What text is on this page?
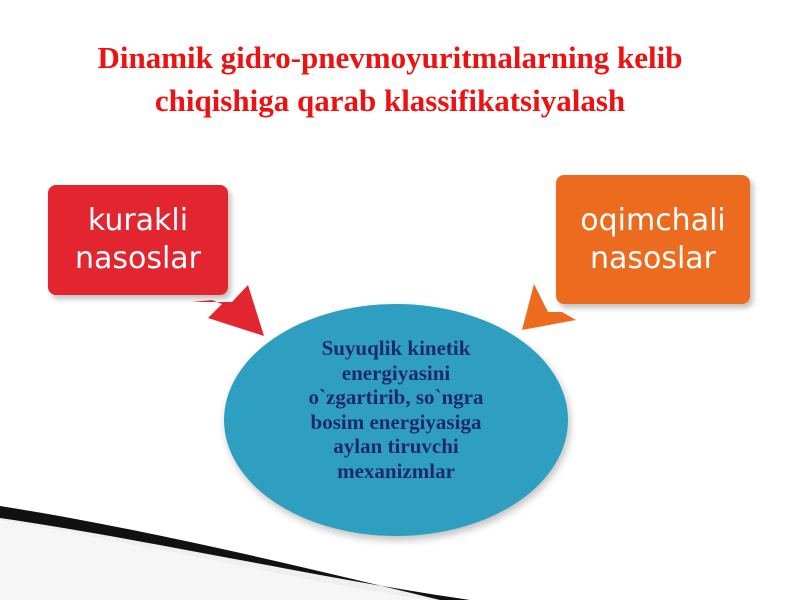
Dinamik gidro-pnevmoyuritmalarning kelib
chiqishiga qarab klassifikatsiyalash
kurakli
nasoslar
oqimchali
nasoslar

Suyuqlik kinetik
energiyasini
o`zgartirib, so`ngra
bosim energiyasiga
aylan tiruvchi
mexanizmlar
